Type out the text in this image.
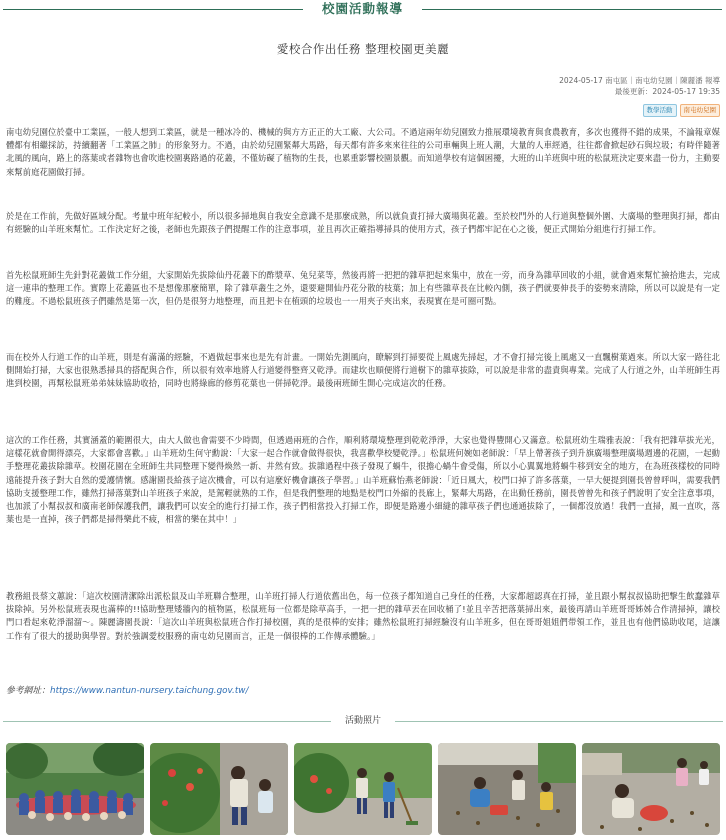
校園活動報導
愛校合作出任務 整理校園更美麗
2024-05-17 南屯區｜南屯幼兒園｜陳麗潘 報導
最後更新：2024-05-17 19:35
教學活動	南屯幼兒園

南屯幼兒園位於臺中工業區，一般人想到工業區，就是一種冰冷的、機械的與方方正正的大工廠、大公司。不過這兩年幼兒園致力推展環境教育與食農教育，多次也獲得不錯的成果，不論報章媒體都有相繼採訪，持續翻著「工業區之肺」的形象努力。不過，由於幼兒園緊鄰大馬路，每天都有許多來來往往的公司車輛與上班人潮，大量的人車經過，往往都會掀起砂石與垃圾；有時伴隨著北風的風向，路上的落葉或者雜物也會吹進校園裏路過的花叢，不僅妨礙了植物的生長，也累重影響校園景觀。而知道學校有這個困擾，大班的山羊班與中班的松鼠班決定要來盡一份力，主動要來幫前庭花園做打掃。

於是在工作前，先做好區域分配。考量中班年紀較小，所以很多掃地與自我安全意識不是那麼成熟，所以就負責打掃大廣場與花叢。至於校門外的人行道與整個外圍、大廣場的整理與打掃，都由有經驗的山羊班來幫忙。工作決定好之後，老師也先跟孩子們提醒工作的注意事項，並且再次正確指導掃具的使用方式，孩子們都牢記在心之後，便正式開始分組進行打掃工作。

首先松鼠班師生先針對花叢做工作分組，大家開始先拔除仙丹花叢下的酢漿草、兔兒菜等，然後再將一把把的雜草把起來集中，放在一旁，而身為雜草回收的小組，就會過來幫忙撿拾進去，完成這一連串的整理工作。實際上花叢區也不是想像那麼簡單，除了雜草叢生之外，還要避開仙丹花分散的枝葉；加上有些雜草長在比較內側，孩子們就要伸長手的姿勢來清除，所以可以說是有一定的難度。不過松鼠班孩子們雖然是第一次，但仍是很努力地整理，而且把卡在植頭的垃圾也一一用夾子夾出來，表現實在是可圈可點。

而在校外人行道工作的山羊班，則是有滿滿的經驗，不過做起事來也是先有計畫。一開始先測風向，瞭解到打掃要從上風處先掃起，才不會打掃完後上風處又一直飄樹葉過來。所以大家一路往北側開始打掃，大家也很熟悉掃具的搭配與合作，所以很有效率地將人行道變得整齊又乾淨。而建坎也順便將行道樹下的雜草拔除，可以說是非常的盡責與專業。完成了人行道之外，山羊班師生再進到校園，再幫松鼠班弟弟妹妹協助收拾，同時也將綠廊的修剪花葉也一併掃乾淨。最後兩班師生開心完成這次的任務。

這次的工作任務，其實涵蓋的範圍很大，由大人做也會需要不少時間，但透過兩班的合作，順利將環境整理到乾乾淨淨，大家也覺得豐開心又滿意。松鼠班幼生瑞雅表說：「我有把雜草拔光光，這樣花就會開得漂亮，大家都會喜歡。」山羊班幼生何守勳說：「大家一起合作就會做得很快，我喜歡學校變乾淨。」松鼠班何婉如老師說：「早上帶著孩子到升旗廣場整理廣場週邊的花園，一起動手整理花叢拔除雜草。校園花園在全班師生共同整理下變得煥然一新、井然有致。拔雜過程中孩子發現了蝸牛，很擔心蝸牛會受傷，所以小心翼翼地將蝸牛移到安全的地方，在為班孩樣校的同時遠能提升孩子對大自然的愛護情懷。感謝園長給孩子這次機會，可以有這麼好機會讓孩子學習。」山羊班蘇怡燕老師說：「近日風大，校門口掉了許多落葉，一早大便提到園長曾曾呼叫，需要我們協助支援整理工作，雖然打掃落葉對山羊班孩子來說，是駕輕就熟的工作，但是我們整理的地點是校門口外縮的長廊上，緊鄰大馬路，在出動任務前，園長曾曾先和孩子們說明了安全注意事項，也加派了小幫叔叔和廣南老師保護我們，讓我們可以安全的進行打掃工作，孩子們相當投入打掃工作，即便是路邊小細縫的雜草孩子們也通通拔除了，一個都沒放過！我們一直掃，風一直吹，落葉也是一直掉，孩子們都是掃得樂此不疲，相當的樂在其中！」

教務組長蔡文蕙說：「這次校園清潔除出派松鼠及山羊班聯合整理，山羊班打掃人行道依舊出色，每一位孩子都知道自己身任的任務，大家都超認真在打掃，並且跟小幫叔叔協助把撃生飲蠢雜草拔除掉。另外松鼠班表現也滿棒的!!協助整理矮牆內的植物區，松鼠班每一位都是除草高手，一把一把的雜草丟在回收桶了!並且辛苦把落葉掃出來，最後再請山羊班哥哥姊姊合作清掃掉，讓校門口看起來乾淨溜溜～。陳麗濤園長說：「這次山羊班與松鼠班合作打掃校園，真的是很棒的安排；雖然松鼠班打掃經驗沒有山羊班多，但在哥哥姐姐們带領工作，並且也有他們協助收尾，這讓工作有了很大的援助與學習。對於強調愛校服務的南屯幼兒園而言，正是一個很棒的工作傳承體驗。」

參考網址：https://www.nantun-nursery.taichung.gov.tw/
活動照片
